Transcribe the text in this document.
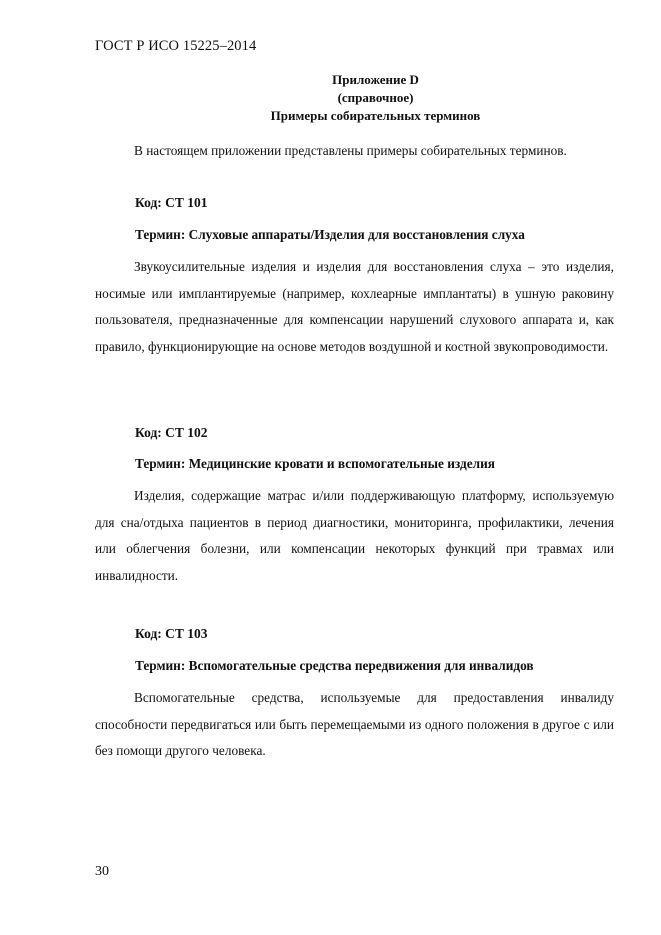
ГОСТ Р ИСО 15225–2014
Приложение D
(справочное)
Примеры собирательных терминов
В настоящем приложении представлены примеры собирательных терминов.
Код: СТ 101
Термин: Слуховые аппараты/Изделия для восстановления слуха
Звукоусилительные изделия и изделия для восстановления слуха – это изделия, носимые или имплантируемые (например, кохлеарные имплантаты) в ушную раковину пользователя, предназначенные для компенсации нарушений слухового аппарата и, как правило, функционирующие на основе методов воздушной и костной звукопроводимости.
Код: СТ 102
Термин: Медицинские кровати и вспомогательные изделия
Изделия, содержащие матрас и/или поддерживающую платформу, используемую для сна/отдыха пациентов в период диагностики, мониторинга, профилактики, лечения или облегчения болезни, или компенсации некоторых функций при травмах или инвалидности.
Код: СТ 103
Термин: Вспомогательные средства передвижения для инвалидов
Вспомогательные средства, используемые для предоставления инвалиду способности передвигаться или быть перемещаемыми из одного положения в другое с или без помощи другого человека.
30
